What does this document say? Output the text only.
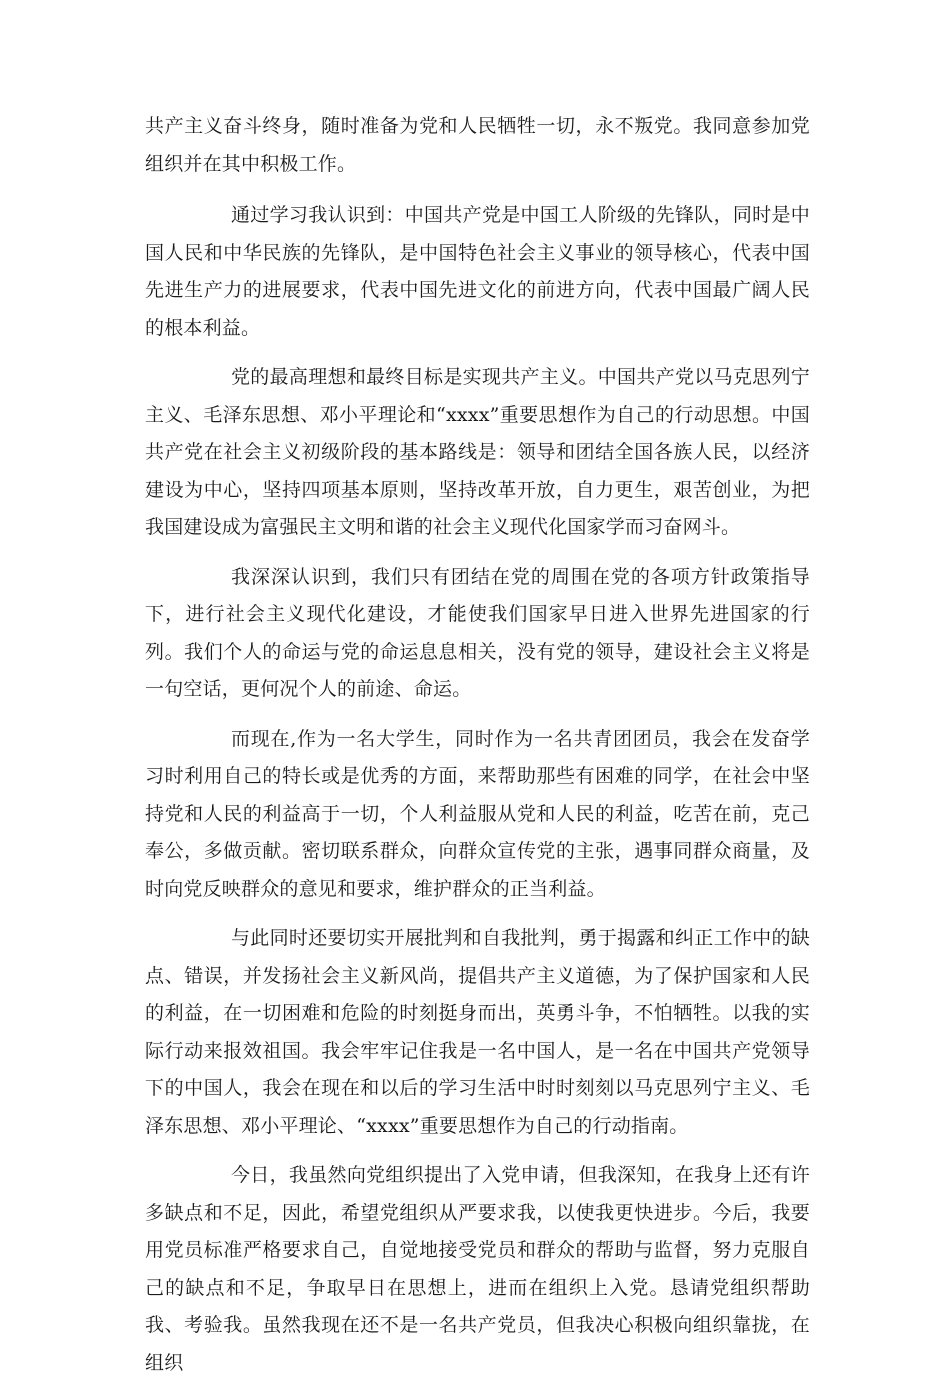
共产主义奋斗终身，随时准备为党和人民牺牲一切，永不叛党。我同意参加党组织并在其中积极工作。

通过学习我认识到：中国共产党是中国工人阶级的先锋队，同时是中国人民和中华民族的先锋队，是中国特色社会主义事业的领导核心，代表中国先进生产力的进展要求，代表中国先进文化的前进方向，代表中国最广阔人民的根本利益。

党的最高理想和最终目标是实现共产主义。中国共产党以马克思列宁主义、毛泽东思想、邓小平理论和“xxxx”重要思想作为自己的行动思想。中国共产党在社会主义初级阶段的基本路线是：领导和团结全国各族人民，以经济建设为中心，坚持四项基本原则，坚持改革开放，自力更生，艰苦创业，为把我国建设成为富强民主文明和谐的社会主义现代化国家学而习奋网斗。

我深深认识到，我们只有团结在党的周围在党的各项方针政策指导下，进行社会主义现代化建设，才能使我们国家早日进入世界先进国家的行列。我们个人的命运与党的命运息息相关，没有党的领导，建设社会主义将是一句空话，更何况个人的前途、命运。

而现在,作为一名大学生，同时作为一名共青团团员，我会在发奋学习时利用自己的特长或是优秀的方面，来帮助那些有困难的同学，在社会中坚持党和人民的利益高于一切，个人利益服从党和人民的利益，吃苦在前，克己奉公，多做贡献。密切联系群众，向群众宣传党的主张，遇事同群众商量，及时向党反映群众的意见和要求，维护群众的正当利益。

与此同时还要切实开展批判和自我批判，勇于揭露和纠正工作中的缺点、错误，并发扬社会主义新风尚，提倡共产主义道德，为了保护国家和人民的利益，在一切困难和危险的时刻挺身而出，英勇斗争，不怕牺牲。以我的实际行动来报效祖国。我会牢牢记住我是一名中国人，是一名在中国共产党领导下的中国人，我会在现在和以后的学习生活中时时刻刻以马克思列宁主义、毛泽东思想、邓小平理论、“xxxx”重要思想作为自己的行动指南。

今日，我虽然向党组织提出了入党申请，但我深知，在我身上还有许多缺点和不足，因此，希望党组织从严要求我，以使我更快进步。今后，我要用党员标准严格要求自己，自觉地接受党员和群众的帮助与监督，努力克服自己的缺点和不足，争取早日在思想上，进而在组织上入党。恳请党组织帮助我、考验我。虽然我现在还不是一名共产党员，但我决心积极向组织靠拢，在组织
